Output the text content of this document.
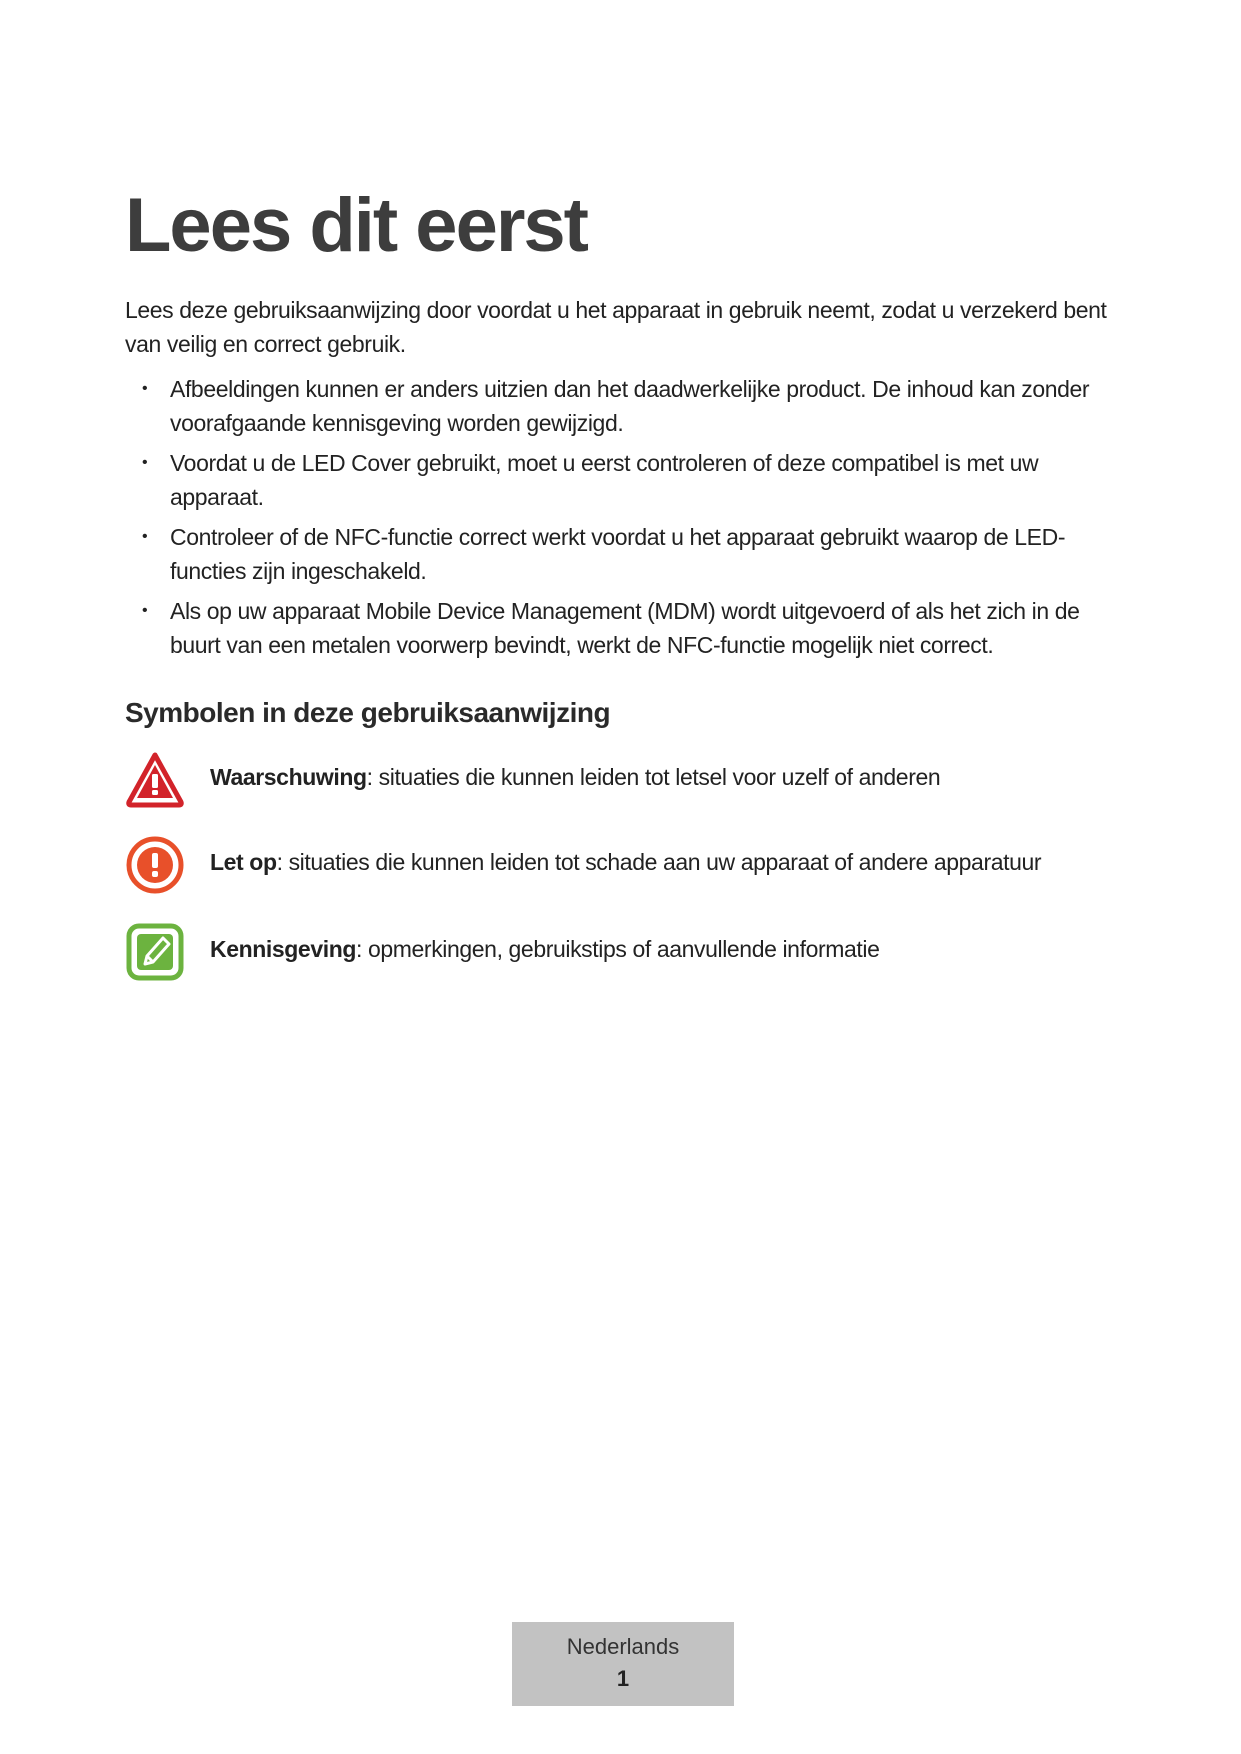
Lees dit eerst

Lees deze gebruiksaanwijzing door voordat u het apparaat in gebruik neemt, zodat u verzekerd bent van veilig en correct gebruik.

• Afbeeldingen kunnen er anders uitzien dan het daadwerkelijke product. De inhoud kan zonder voorafgaande kennisgeving worden gewijzigd.
• Voordat u de LED Cover gebruikt, moet u eerst controleren of deze compatibel is met uw apparaat.
• Controleer of de NFC-functie correct werkt voordat u het apparaat gebruikt waarop de LED-functies zijn ingeschakeld.
• Als op uw apparaat Mobile Device Management (MDM) wordt uitgevoerd of als het zich in de buurt van een metalen voorwerp bevindt, werkt de NFC-functie mogelijk niet correct.
Symbolen in deze gebruiksaanwijzing
Waarschuwing: situaties die kunnen leiden tot letsel voor uzelf of anderen
Let op: situaties die kunnen leiden tot schade aan uw apparaat of andere apparatuur
Kennisgeving: opmerkingen, gebruikstips of aanvullende informatie
Nederlands
1
